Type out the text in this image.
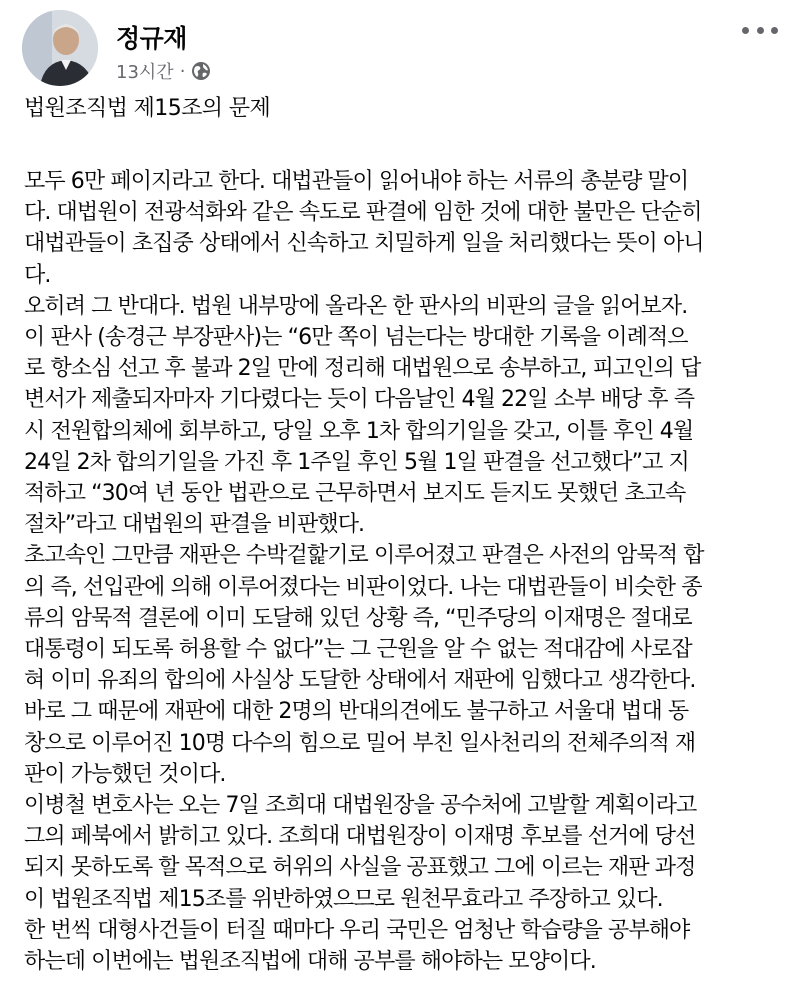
정규재
13시간 ·

법원조직법 제15조의 문제

모두 6만 페이지라고 한다. 대법관들이 읽어내야 하는 서류의 총분량 말이
다. 대법원이 전광석화와 같은 속도로 판결에 임한 것에 대한 불만은 단순히
대법관들이 초집중 상태에서 신속하고 치밀하게 일을 처리했다는 뜻이 아니
다.

오히려 그 반대다. 법원 내부망에 올라온 한 판사의 비판의 글을 읽어보자.
이 판사 (송경근 부장판사)는 “6만 쪽이 넘는다는 방대한 기록을 이례적으
로 항소심 선고 후 불과 2일 만에 정리해 대법원으로 송부하고, 피고인의 답
변서가 제출되자마자 기다렸다는 듯이 다음날인 4월 22일 소부 배당 후 즉
시 전원합의체에 회부하고, 당일 오후 1차 합의기일을 갖고, 이틀 후인 4월
24일 2차 합의기일을 가진 후 1주일 후인 5월 1일 판결을 선고했다”고 지
적하고 “30여 년 동안 법관으로 근무하면서 보지도 듣지도 못했던 초고속
절차”라고 대법원의 판결을 비판했다.

초고속인 그만큼 재판은 수박겉핥기로 이루어졌고 판결은 사전의 암묵적 합
의 즉, 선입관에 의해 이루어졌다는 비판이었다. 나는 대법관들이 비슷한 종
류의 암묵적 결론에 이미 도달해 있던 상황 즉, “민주당의 이재명은 절대로
대통령이 되도록 허용할 수 없다”는 그 근원을 알 수 없는 적대감에 사로잡
혀 이미 유죄의 합의에 사실상 도달한 상태에서 재판에 임했다고 생각한다.

바로 그 때문에 재판에 대한 2명의 반대의견에도 불구하고 서울대 법대 동
창으로 이루어진 10명 다수의 힘으로 밀어 부친 일사천리의 전체주의적 재
판이 가능했던 것이다.

이병철 변호사는 오는 7일 조희대 대법원장을 공수처에 고발할 계획이라고
그의 페북에서 밝히고 있다. 조희대 대법원장이 이재명 후보를 선거에 당선
되지 못하도록 할 목적으로 허위의 사실을 공표했고 그에 이르는 재판 과정
이 법원조직법 제15조를 위반하였으므로 원천무효라고 주장하고 있다.

한 번씩 대형사건들이 터질 때마다 우리 국민은 엄청난 학습량을 공부해야
하는데 이번에는 법원조직법에 대해 공부를 해야하는 모양이다.
